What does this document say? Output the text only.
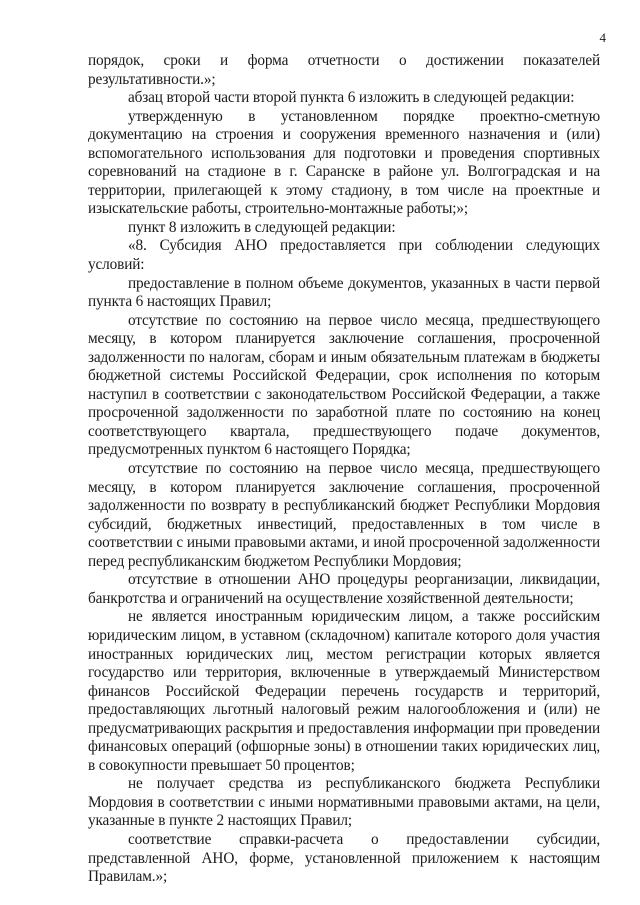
4

порядок, сроки и форма отчетности о достижении показателей результативности.»;

абзац второй части второй пункта 6 изложить в следующей редакции:

утвержденную в установленном порядке проектно-сметную документацию на строения и сооружения временного назначения и (или) вспомогательного использования для подготовки и проведения спортивных соревнований на стадионе в г. Саранске в районе ул. Волгоградская и на территории, прилегающей к этому стадиону, в том числе на проектные и изыскательские работы, строительно-монтажные работы;»;

пункт 8 изложить в следующей редакции:

«8. Субсидия АНО предоставляется при соблюдении следующих условий:

предоставление в полном объеме документов, указанных в части первой пункта 6 настоящих Правил;

отсутствие по состоянию на первое число месяца, предшествующего месяцу, в котором планируется заключение соглашения, просроченной задолженности по налогам, сборам и иным обязательным платежам в бюджеты бюджетной системы Российской Федерации, срок исполнения по которым наступил в соответствии с законодательством Российской Федерации, а также просроченной задолженности по заработной плате по состоянию на конец соответствующего квартала, предшествующего подаче документов, предусмотренных пунктом 6 настоящего Порядка;

отсутствие по состоянию на первое число месяца, предшествующего месяцу, в котором планируется заключение соглашения, просроченной задолженности по возврату в республиканский бюджет Республики Мордовия субсидий, бюджетных инвестиций, предоставленных в том числе в соответствии с иными правовыми актами, и иной просроченной задолженности перед республиканским бюджетом Республики Мордовия;

отсутствие в отношении АНО процедуры реорганизации, ликвидации, банкротства и ограничений на осуществление хозяйственной деятельности;

не является иностранным юридическим лицом, а также российским юридическим лицом, в уставном (складочном) капитале которого доля участия иностранных юридических лиц, местом регистрации которых является государство или территория, включенные в утверждаемый Министерством финансов Российской Федерации перечень государств и территорий, предоставляющих льготный налоговый режим налогообложения и (или) не предусматривающих раскрытия и предоставления информации при проведении финансовых операций (офшорные зоны) в отношении таких юридических лиц, в совокупности превышает 50 процентов;

не получает средства из республиканского бюджета Республики Мордовия в соответствии с иными нормативными правовыми актами, на цели, указанные в пункте 2 настоящих Правил;

соответствие справки-расчета о предоставлении субсидии, представленной АНО, форме, установленной приложением к настоящим Правилам.»;
